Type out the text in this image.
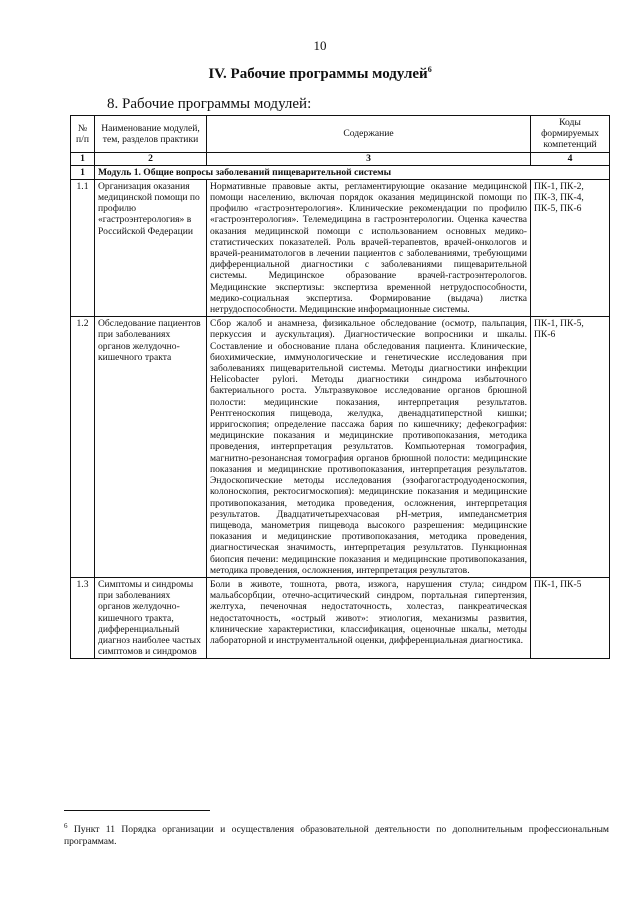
10
IV. Рабочие программы модулей$^6$
8. Рабочие программы модулей:
№ п/п	Наименование модулей, тем, разделов практики	Содержание	Коды формируемых компетенций
1	2	3	4
1	Модуль 1. Общие вопросы заболеваний пищеварительной системы		
1.1	Организация оказания медицинской помощи по профилю «гастроэнтерология» в Российской Федерации	Нормативные правовые акты, регламентирующие оказание медицинской помощи населению, включая порядок оказания медицинской помощи по профилю «гастроэнтерология». Клинические рекомендации по профилю «гастроэнтерология». Телемедицина в гастроэнтерологии. Оценка качества оказания медицинской помощи с использованием основных медико-статистических показателей. Роль врачей-терапевтов, врачей-онкологов и врачей-реаниматологов в лечении пациентов с заболеваниями, требующими дифференциальной диагностики с заболеваниями пищеварительной системы. Медицинское образование врачей-гастроэнтерологов. Медицинские экспертизы: экспертиза временной нетрудоспособности, медико-социальная экспертиза. Формирование (выдача) листка нетрудоспособности. Медицинские информационные системы.	ПК-1, ПК-2, ПК-3, ПК-4, ПК-5, ПК-6
1.2	Обследование пациентов при заболеваниях органов желудочно-кишечного тракта	Сбор жалоб и анамнеза, физикальное обследование (осмотр, пальпация, перкуссия и аускультация). Диагностические вопросники и шкалы. Составление и обоснование плана обследования пациента. Клинические, биохимические, иммунологические и генетические исследования при заболеваниях пищеварительной системы. Методы диагностики инфекции Helicobacter pylori. Методы диагностики синдрома избыточного бактериального роста. Ультразвуковое исследование органов брюшной полости: медицинские показания, интерпретация результатов. Рентгеноскопия пищевода, желудка, двенадцатиперстной кишки; ирригоскопия; определение пассажа бария по кишечнику; дефекография: медицинские показания и медицинские противопоказания, методика проведения, интерпретация результатов. Компьютерная томография, магнитно-резонансная томография органов брюшной полости: медицинские показания и медицинские противопоказания, интерпретация результатов. Эндоскопические методы исследования (эзофагогастродуоденоскопия, колоноскопия, ректосигмоскопия): медицинские показания и медицинские противопоказания, методика проведения, осложнения, интерпретация результатов. Двадцатичетырехчасовая pH-метрия, импедансметрия пищевода, манометрия пищевода высокого разрешения: медицинские показания и медицинские противопоказания, методика проведения, диагностическая значимость, интерпретация результатов. Пункционная биопсия печени: медицинские показания и медицинские противопоказания, методика проведения, осложнения, интерпретация результатов.	ПК-1, ПК-5, ПК-6
1.3	Симптомы и синдромы при заболеваниях органов желудочно-кишечного тракта, дифференциальный диагноз наиболее частых симптомов и синдромов	Боли в животе, тошнота, рвота, изжога, нарушения стула; синдром мальабсорбции, отечно-асцитический синдром, портальная гипертензия, желтуха, печеночная недостаточность, холестаз, панкреатическая недостаточность, «острый живот»: этиология, механизмы развития, клинические характеристики, классификация, оценочные шкалы, методы лабораторной и инструментальной оценки, дифференциальная диагностика.	ПК-1, ПК-5
$^6$ Пункт 11 Порядка организации и осуществления образовательной деятельности по дополнительным профессиональным программам.
